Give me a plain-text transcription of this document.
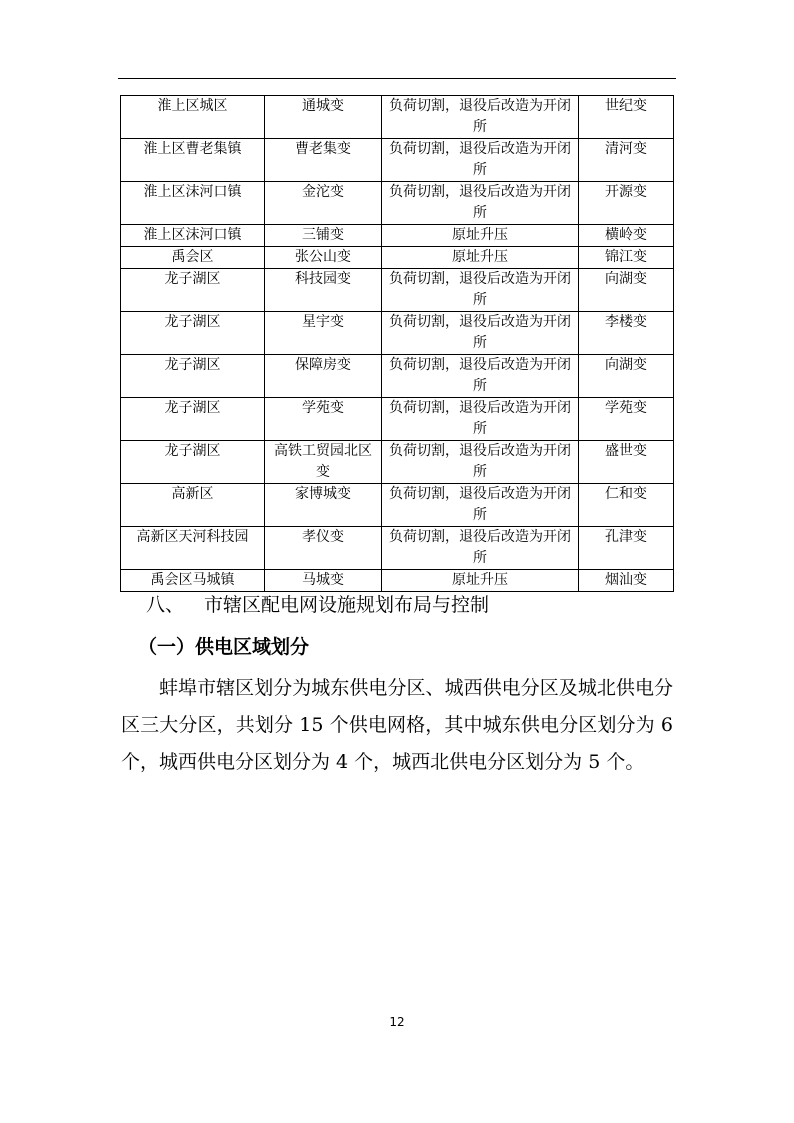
淮上区城区	通城变	负荷切割，退役后改造为开闭所	世纪变
淮上区曹老集镇	曹老集变	负荷切割，退役后改造为开闭所	清河变
淮上区沫河口镇	金沱变	负荷切割，退役后改造为开闭所	开源变
淮上区沫河口镇	三铺变	原址升压	横岭变
禹会区	张公山变	原址升压	锦江变
龙子湖区	科技园变	负荷切割，退役后改造为开闭所	向湖变
龙子湖区	星宇变	负荷切割，退役后改造为开闭所	李楼变
龙子湖区	保障房变	负荷切割，退役后改造为开闭所	向湖变
龙子湖区	学苑变	负荷切割，退役后改造为开闭所	学苑变
龙子湖区	高铁工贸园北区变	负荷切割，退役后改造为开闭所	盛世变
高新区	家博城变	负荷切割，退役后改造为开闭所	仁和变
高新区天河科技园	孝仪变	负荷切割，退役后改造为开闭所	孔津变
禹会区马城镇	马城变	原址升压	烟汕变
八、 市辖区配电网设施规划布局与控制
（一）供电区域划分

蚌埠市辖区划分为城东供电分区、城西供电分区及城北供电分区三大分区，共划分 15 个供电网格，其中城东供电分区划分为 6 个，城西供电分区划分为 4 个，城西北供电分区划分为 5 个。

12
